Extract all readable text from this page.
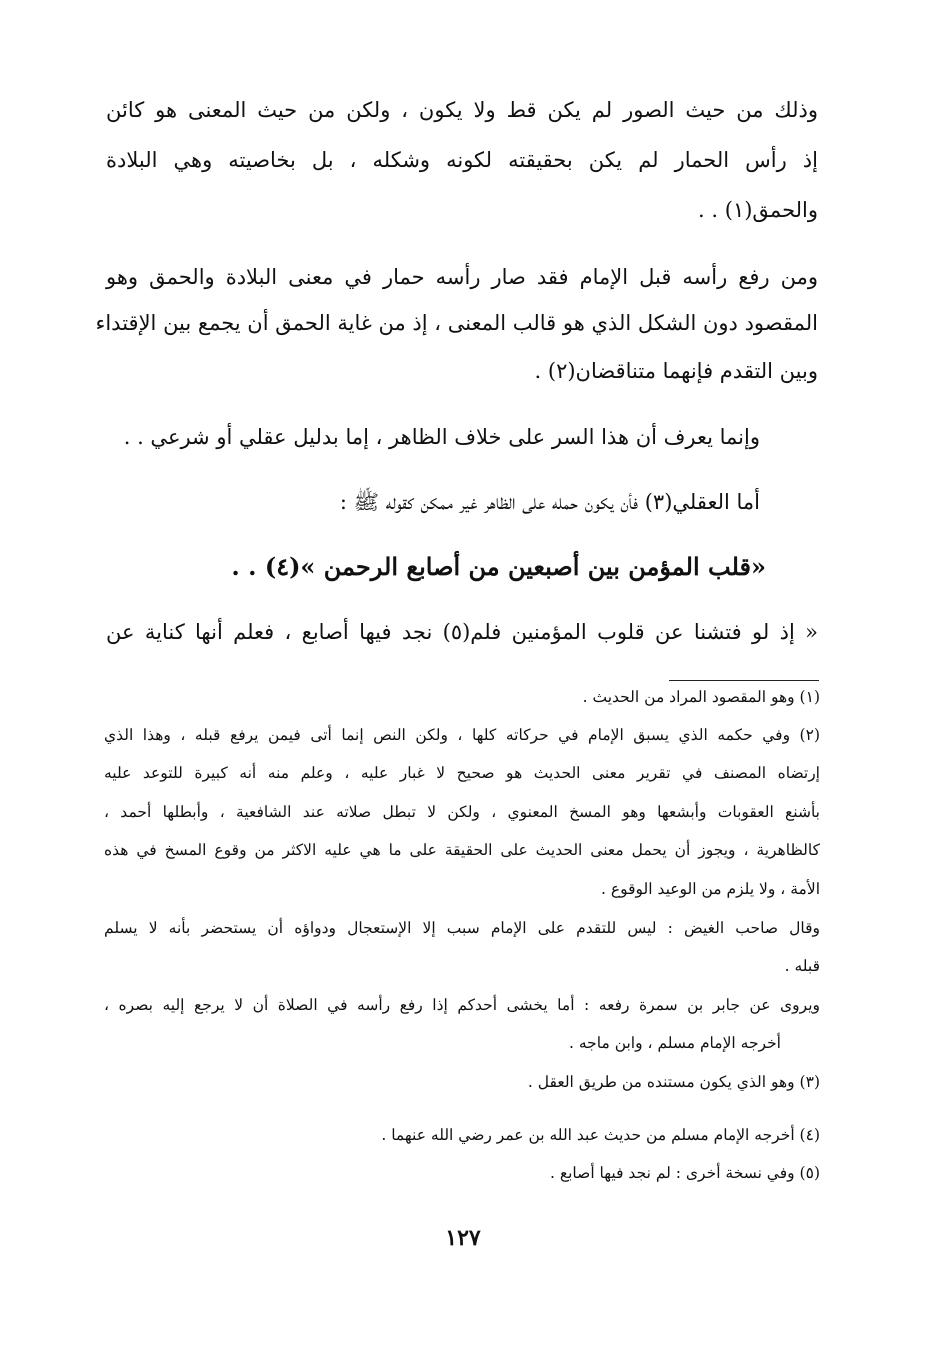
وذلك من حيث الصور لم يكن قط ولا يكون ، ولكن من حيث المعنى هو كائن

إذ رأس الحمار لم يكن بحقيقته لكونه وشكله ، بل بخاصيته وهي البلادة

والحمق(١) . .

ومن رفع رأسه قبل الإمام فقد صار رأسه حمار في معنى البلادة والحمق وهو

المقصود دون الشكل الذي هو قالب المعنى ، إذ من غاية الحمق أن يجمع بين الإقتداء

وبين التقدم فإنهما متناقضان(٢) .

وإنما يعرف أن هذا السر على خلاف الظاهر ، إما بدليل عقلي أو شرعي . .

أما العقلي(٣) فأن يكون حمله على الظاهر غير ممكن كقوله ﷺ :

«قلب المؤمن بين أصبعين من أصابع الرحمن »(٤) . .

« إذ لو فتشنا عن قلوب المؤمنين فلم(٥) نجد فيها أصابع ، فعلم أنها كناية عن

(١) وهو المقصود المراد من الحديث .

(٢) وفي حكمه الذي يسبق الإمام في حركاته كلها ، ولكن النص إنما أتى فيمن يرفع قبله ، وهذا الذي

إرتضاه المصنف في تقرير معنى الحديث هو صحيح لا غبار عليه ، وعلم منه أنه كبيرة للتوعد عليه

بأشنع العقوبات وأبشعها وهو المسخ المعنوي ، ولكن لا تبطل صلاته عند الشافعية ، وأبطلها أحمد ،

كالظاهرية ، ويجوز أن يحمل معنى الحديث على الحقيقة على ما هي عليه الاكثر من وقوع المسخ في هذه

الأمة ، ولا يلزم من الوعيد الوقوع .

وقال صاحب الغيض : ليس للتقدم على الإمام سبب إلا الإستعجال ودواؤه أن يستحضر بأنه لا يسلم

قبله .

ويروى عن جابر بن سمرة رفعه : أما يخشى أحدكم إذا رفع رأسه في الصلاة أن لا يرجع إليه بصره ،

أخرجه الإمام مسلم ، وابن ماجه .

(٣) وهو الذي يكون مستنده من طريق العقل .

(٤) أخرجه الإمام مسلم من حديث عبد الله بن عمر رضي الله عنهما .

(٥) وفي نسخة أخرى : لم نجد فيها أصابع .

١٢٧
